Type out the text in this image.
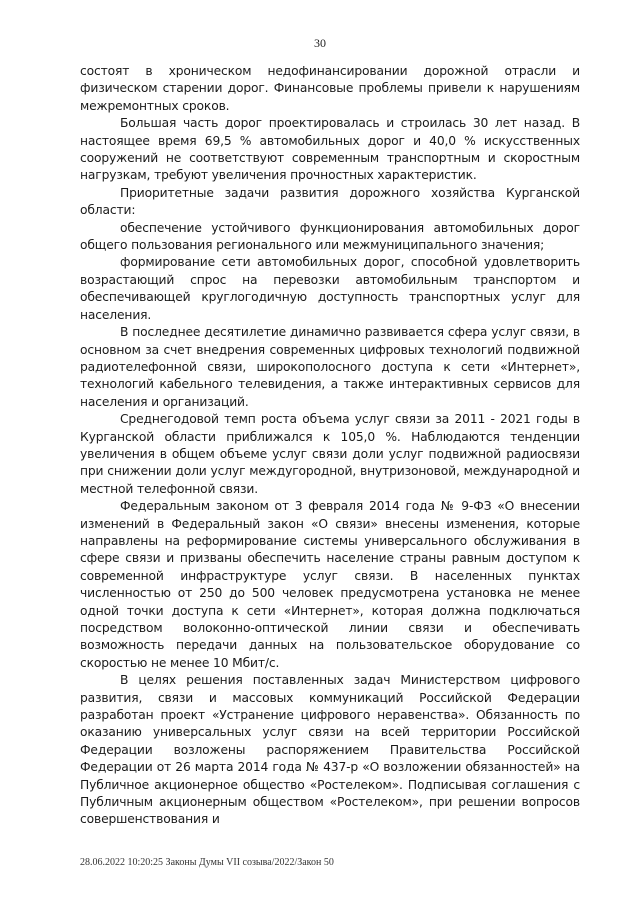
30

состоят в хроническом недофинансировании дорожной отрасли и физическом старении дорог. Финансовые проблемы привели к нарушениям межремонтных сроков.

Большая часть дорог проектировалась и строилась 30 лет назад. В настоящее время 69,5 % автомобильных дорог и 40,0 % искусственных сооружений не соответствуют современным транспортным и скоростным нагрузкам, требуют увеличения прочностных характеристик.

Приоритетные задачи развития дорожного хозяйства Курганской области:

обеспечение устойчивого функционирования автомобильных дорог общего пользования регионального или межмуниципального значения;

формирование сети автомобильных дорог, способной удовлетворить возрастающий спрос на перевозки автомобильным транспортом и обеспечивающей круглогодичную доступность транспортных услуг для населения.

В последнее десятилетие динамично развивается сфера услуг связи, в основном за счет внедрения современных цифровых технологий подвижной радиотелефонной связи, широкополосного доступа к сети «Интернет», технологий кабельного телевидения, а также интерактивных сервисов для населения и организаций.

Среднегодовой темп роста объема услуг связи за 2011 - 2021 годы в Курганской области приближался к 105,0 %. Наблюдаются тенденции увеличения в общем объеме услуг связи доли услуг подвижной радиосвязи при снижении доли услуг междугородной, внутризоновой, международной и местной телефонной связи.

Федеральным законом от 3 февраля 2014 года № 9-ФЗ «О внесении изменений в Федеральный закон «О связи» внесены изменения, которые направлены на реформирование системы универсального обслуживания в сфере связи и призваны обеспечить население страны равным доступом к современной инфраструктуре услуг связи. В населенных пунктах численностью от 250 до 500 человек предусмотрена установка не менее одной точки доступа к сети «Интернет», которая должна подключаться посредством волоконно-оптической линии связи и обеспечивать возможность передачи данных на пользовательское оборудование со скоростью не менее 10 Мбит/с.

В целях решения поставленных задач Министерством цифрового развития, связи и массовых коммуникаций Российской Федерации разработан проект «Устранение цифрового неравенства». Обязанность по оказанию универсальных услуг связи на всей территории Российской Федерации возложены распоряжением Правительства Российской Федерации от 26 марта 2014 года № 437-р «О возложении обязанностей» на Публичное акционерное общество «Ростелеком». Подписывая соглашения с Публичным акционерным обществом «Ростелеком», при решении вопросов совершенствования и

28.06.2022 10:20:25 Законы Думы VII созыва/2022/Закон 50
